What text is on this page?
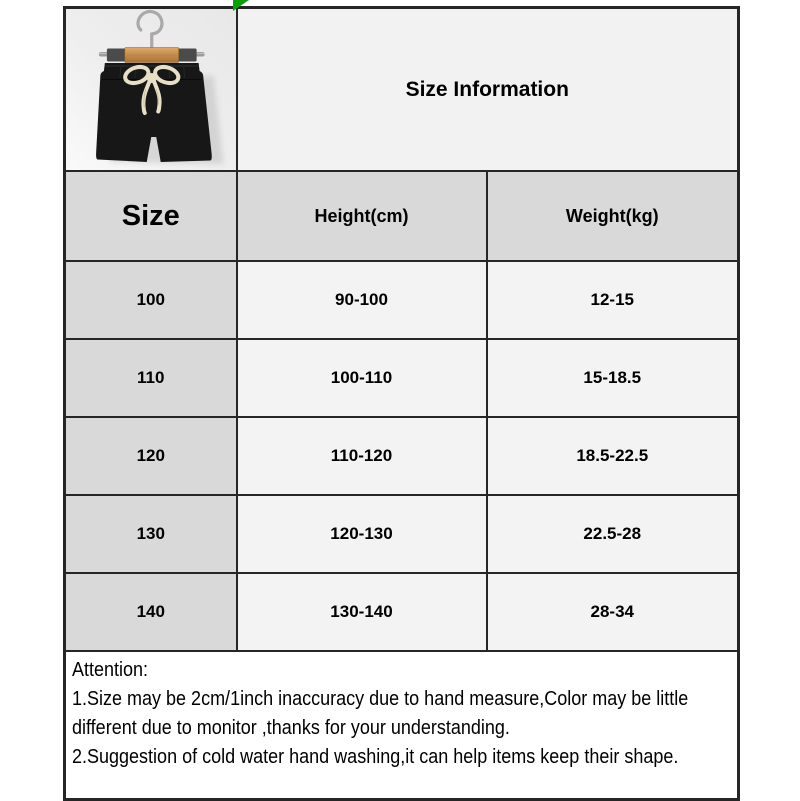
	Size Information	
Size	Height(cm)	Weight(kg)
100	90-100	12-15
110	100-110	15-18.5
120	110-120	18.5-22.5
130	120-130	22.5-28
140	130-140	28-34

Attention:
1.Size may be 2cm/1inch inaccuracy due to hand measure,Color may be little
different due to monitor ,thanks for your understanding.
2.Suggestion of cold water hand washing,it can help items keep their shape.		
